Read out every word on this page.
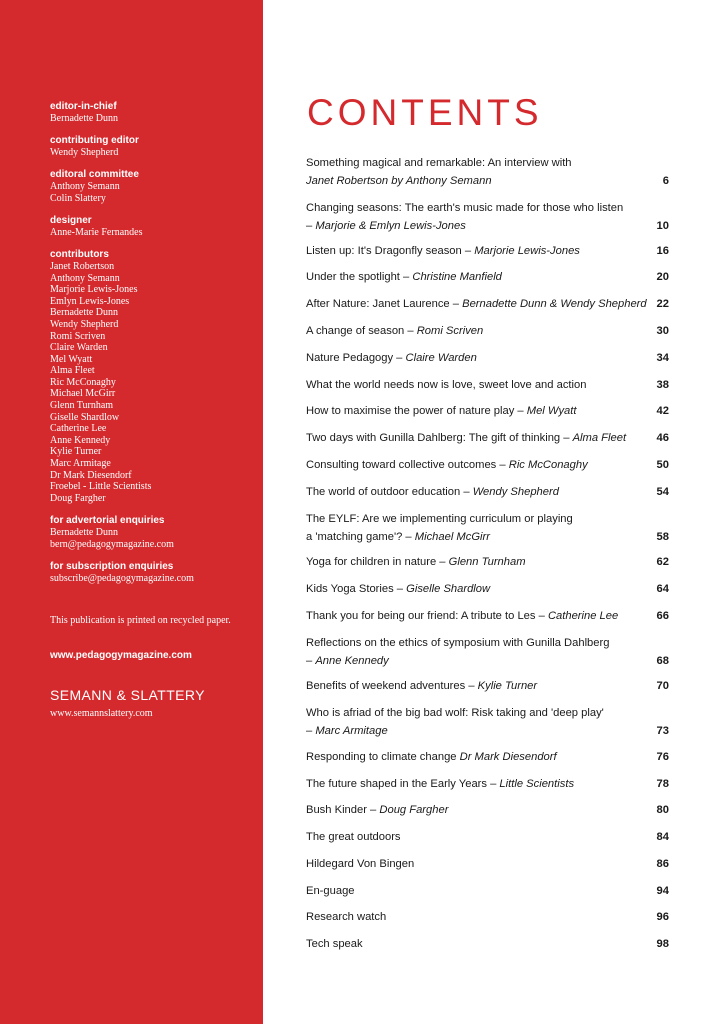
editor-in-chief
Bernadette Dunn
contributing editor
Wendy Shepherd
editoral committee
Anthony Semann
Colin Slattery
designer
Anne-Marie Fernandes
contributors
Janet Robertson
Anthony Semann
Marjorie Lewis-Jones
Emlyn Lewis-Jones
Bernadette Dunn
Wendy Shepherd
Romi Scriven
Claire Warden
Mel Wyatt
Alma Fleet
Ric McConaghy
Michael McGirr
Glenn Turnham
Giselle Shardlow
Catherine Lee
Anne Kennedy
Kylie Turner
Marc Armitage
Dr Mark Diesendorf
Froebel - Little Scientists
Doug Fargher
for advertorial enquiries
Bernadette Dunn
bern@pedagogymagazine.com
for subscription enquiries
subscribe@pedagogymagazine.com
This publication is printed on recycled paper.
www.pedagogymagazine.com
SEMANN & SLATTERY
www.semannslattery.com
CONTENTS
Something magical and remarkable: An interview with
Janet Robertson by Anthony Semann	6
Changing seasons: The earth's music made for those who listen
– Marjorie & Emlyn Lewis-Jones	10
Listen up: It's Dragonfly season – Marjorie Lewis-Jones	16
Under the spotlight – Christine Manfield	20
After Nature: Janet Laurence – Bernadette Dunn & Wendy Shepherd 22
A change of season – Romi Scriven	30
Nature Pedagogy – Claire Warden	34
What the world needs now is love, sweet love and action	38
How to maximise the power of nature play – Mel Wyatt	42
Two days with Gunilla Dahlberg: The gift of thinking – Alma Fleet	46
Consulting toward collective outcomes – Ric McConaghy	50
The world of outdoor education – Wendy Shepherd	54
The EYLF: Are we implementing curriculum or playing
a 'matching game'? – Michael McGirr	58
Yoga for children in nature – Glenn Turnham	62
Kids Yoga Stories – Giselle Shardlow	64
Thank you for being our friend: A tribute to Les – Catherine Lee	66
Reflections on the ethics of symposium with Gunilla Dahlberg
– Anne Kennedy	68
Benefits of weekend adventures – Kylie Turner	70
Who is afriad of the big bad wolf: Risk taking and 'deep play'
– Marc Armitage	73
Responding to climate change Dr Mark Diesendorf	76
The future shaped in the Early Years – Little Scientists	78
Bush Kinder – Doug Fargher	80
The great outdoors	84
Hildegard Von Bingen	86
En-guage	94
Research watch	96
Tech speak	98
